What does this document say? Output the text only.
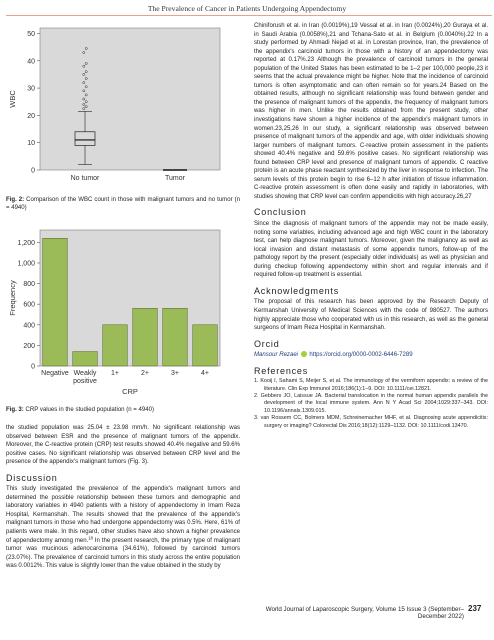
The Prevalence of Cancer in Patients Undergoing Appendectomy
0
10
20
30
40
50
WBC
No tumor	Tumor
Fig. 2: Comparison of the WBC count in those with malignant tumors and no tumor (n = 4940)
0
200
400
600
800
1,000
1,200
Frequency
Negative Weakly
positive
1+	2+	3+	4+
CRP
Fig. 3: CRP values in the studied population (n = 4940)

the studied population was 25.04 ± 23.98 mm/h. No significant relationship was observed between ESR and the presence of malignant tumors of the appendix. Moreover, the C-reactive protein (CRP) test results showed 40.4% negative and 59.6% positive cases. No significant relationship was observed between CRP level and the presence of the appendix's malignant tumors (Fig. 3).

Discussion

This study investigated the prevalence of the appendix's malignant tumors and determined the possible relationship between these tumors and demographic and laboratory variables in 4940 patients with a history of appendectomy in Imam Reza Hospital, Kermanshah. The results showed that the prevalence of the appendix's malignant tumors in those who had undergone appendectomy was 0.5%. Here, 61% of patients were male. In this regard, other studies have also shown a higher prevalence of appendectomy among men.$^{18}$ In the present research, the primary type of malignant tumor was mucinous adenocarcinoma (34.61%), followed by carcinoid tumors (23.07%). The prevalence of carcinoid tumors in this study across the entire population was 0.0012%. This value is slightly lower than the value obtained in the study by

Chiniforush et al. in Iran (0.0019%),19 Vessal et al. in Iran (0.0024%),20 Guraya et al. in Saudi Arabia (0.0058%),21 and Tchana-Sato et al. in Belgium (0.0040%).22 In a study performed by Ahmadi Nejad et al. in Lorestan province, Iran, the prevalence of the appendix's carcinoid tumors in those with a history of an appendectomy was reported at 0.17%.23 Although the prevalence of carcinoid tumors in the general population of the United States has been estimated to be 1–2 per 100,000 people,23 it seems that the actual prevalence might be higher. Note that the incidence of carcinoid tumors is often asymptomatic and can often remain so for years.24 Based on the obtained results, although no significant relationship was found between gender and the presence of malignant tumors of the appendix, the frequency of malignant tumors was higher in men. Unlike the results obtained from the present study, other investigations have shown a higher incidence of the appendix's malignant tumors in women.23,25,26 In our study, a significant relationship was observed between presence of malignant tumors of the appendix and age, with older individuals showing larger numbers of malignant tumors. C-reactive protein assessment in the patients showed 40.4% negative and 59.6% positive cases. No significant relationship was found between CRP level and presence of malignant tumors of appendix. C reactive protein is an acute phase reactant synthesized by the liver in response to infection. The serum levels of this protein begin to rise 6–12 h after initiation of tissue inflammation. C-reactive protein assessment is often done easily and rapidly in laboratories, with studies showing that CRP level can confirm appendicitis with high accuracy.26,27

Conclusion

Since the diagnosis of malignant tumors of the appendix may not be made easily, noting some variables, including advanced age and high WBC count in the laboratory test, can help diagnose malignant tumors. Moreover, given the malignancy as well as local invasion and distant metastasis of some appendix tumors, follow-up of the pathology report by the present (especially older individuals) as well as physician and during checkup following appendectomy within short and regular intervals and if required follow-up treatment is essential.

Acknowledgments

The proposal of this research has been approved by the Research Deputy of Kermanshah University of Medical Sciences with the code of 980527. The authors highly appreciate those who cooperated with us in this research, as well as the general surgeons of Imam Reza Hospital in Kermanshah.

Orcid

Mansour Rezaei https://orcid.org/0000-0002-6446-7289

References

1. Kooij I, Sahami S, Meijer S, et al. The immunology of the vermiform appendix: a review of the literature. Clin Exp Immunol 2016;186(1):1–9. DOI: 10.1111/cei.12821.

2. Gebbers JO, Laissue JA. Bacterial translocation in the normal human appendix parallels the development of the local immune system. Ann N Y Acad Sci 2004;1029:337–343. DOI: 10.1196/annals.1309.015.

3. van Rossem CC, Bolmers MDM, Schreinemacher MHF, et al. Diagnosing acute appendicitis: surgery or imaging? Colorectal Dis 2016;18(12):1129–1132. DOI: 10.1111/codi.13470.

World Journal of Laparoscopic Surgery, Volume 15 Issue 3 (September–December 2022)
237
